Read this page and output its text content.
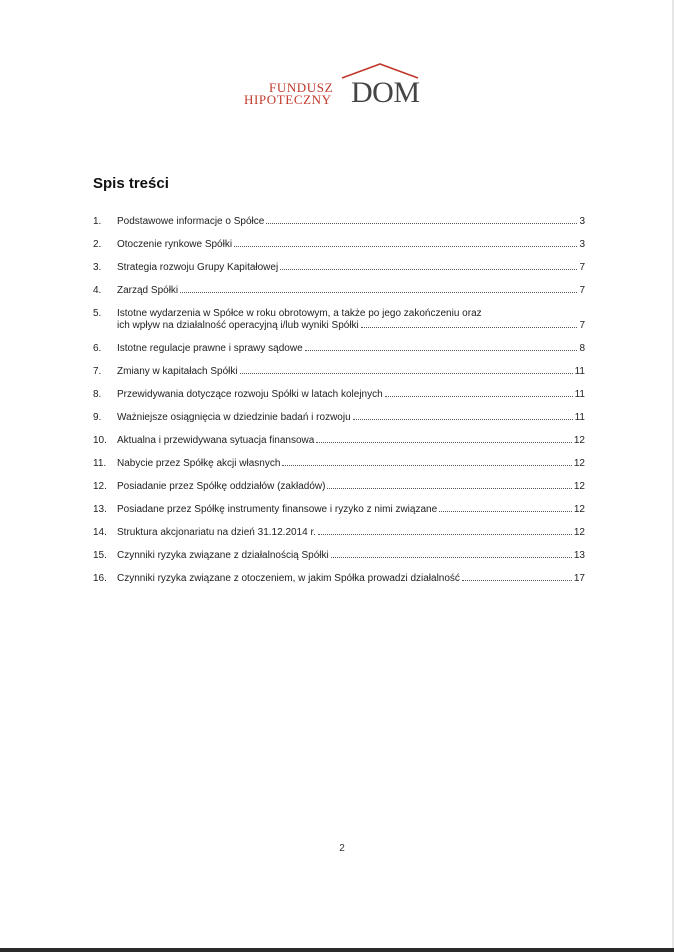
FUNDUSZ
HIPOTECZNY DOM
Spis treści
1.	Podstawowe informacje o Spółce	3
2.	Otoczenie rynkowe Spółki	3
3.	Strategia rozwoju Grupy Kapitałowej	7
4.	Zarząd Spółki	7
5.	Istotne wydarzenia w Spółce w roku obrotowym, a także po jego zakończeniu oraz
ich wpływ na działalność operacyjną i/lub wyniki Spółki	7
6.	Istotne regulacje prawne i sprawy sądowe	8
7.	Zmiany w kapitałach Spółki	11
8.	Przewidywania dotyczące rozwoju Spółki w latach kolejnych	11
9.	Ważniejsze osiągnięcia w dziedzinie badań i rozwoju	11
10.	Aktualna i przewidywana sytuacja finansowa	12
11.	Nabycie przez Spółkę akcji własnych	12
12.	Posiadanie przez Spółkę oddziałów (zakładów)	12
13.	Posiadane przez Spółkę instrumenty finansowe i ryzyko z nimi związane	12
14.	Struktura akcjonariatu na dzień 31.12.2014 r.	12
15.	Czynniki ryzyka związane z działalnością Spółki	13
16.	Czynniki ryzyka związane z otoczeniem, w jakim Spółka prowadzi działalność	17
2
